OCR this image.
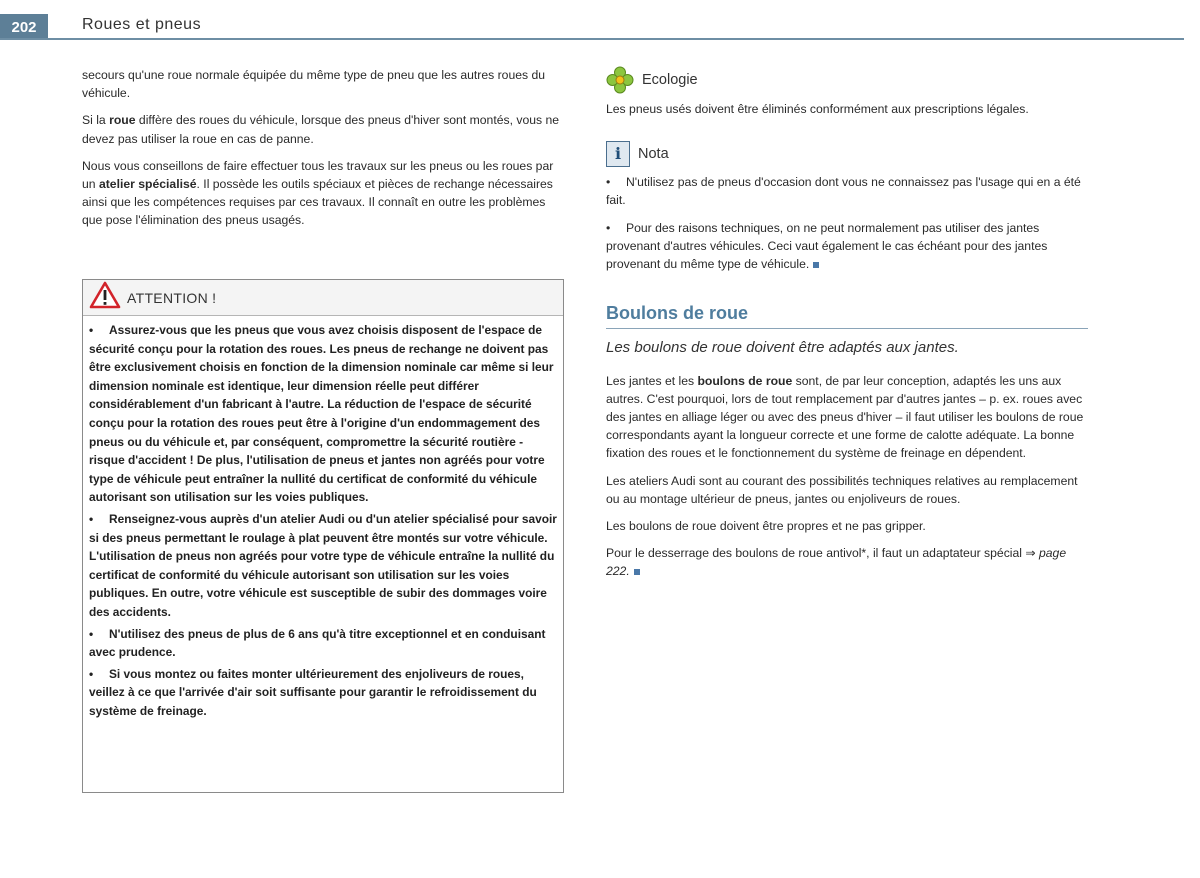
202	Roues et pneus

secours qu'une roue normale équipée du même type de pneu que les autres roues du véhicule.

Si la roue diffère des roues du véhicule, lorsque des pneus d'hiver sont montés, vous ne devez pas utiliser la roue en cas de panne.

Nous vous conseillons de faire effectuer tous les travaux sur les pneus ou les roues par un atelier spécialisé. Il possède les outils spéciaux et pièces de rechange nécessaires ainsi que les compétences requises par ces travaux. Il connaît en outre les problèmes que pose l'élimination des pneus usagés.

ATTENTION !

• Assurez-vous que les pneus que vous avez choisis disposent de l'espace de sécurité conçu pour la rotation des roues. Les pneus de rechange ne doivent pas être exclusivement choisis en fonction de la dimension nominale car même si leur dimension nominale est identique, leur dimension réelle peut différer considérablement d'un fabricant à l'autre. La réduction de l'espace de sécurité conçu pour la rotation des roues peut être à l'origine d'un endommagement des pneus ou du véhicule et, par conséquent, compromettre la sécurité routière - risque d'accident ! De plus, l'utilisation de pneus et jantes non agréés pour votre type de véhicule peut entraîner la nullité du certificat de conformité du véhicule autorisant son utilisation sur les voies publiques.

• Renseignez-vous auprès d'un atelier Audi ou d'un atelier spécialisé pour savoir si des pneus permettant le roulage à plat peuvent être montés sur votre véhicule. L'utilisation de pneus non agréés pour votre type de véhicule entraîne la nullité du certificat de conformité du véhicule autorisant son utilisation sur les voies publiques. En outre, votre véhicule est susceptible de subir des dommages voire des accidents.

• N'utilisez des pneus de plus de 6 ans qu'à titre exceptionnel et en conduisant avec prudence.

• Si vous montez ou faites monter ultérieurement des enjoliveurs de roues, veillez à ce que l'arrivée d'air soit suffisante pour garantir le refroidissement du système de freinage.

Ecologie

Les pneus usés doivent être éliminés conformément aux prescriptions légales.

i	Nota

• N'utilisez pas de pneus d'occasion dont vous ne connaissez pas l'usage qui en a été fait.

• Pour des raisons techniques, on ne peut normalement pas utiliser des jantes provenant d'autres véhicules. Ceci vaut également le cas échéant pour des jantes provenant du même type de véhicule.

Boulons de roue

Les boulons de roue doivent être adaptés aux jantes.

Les jantes et les boulons de roue sont, de par leur conception, adaptés les uns aux autres. C'est pourquoi, lors de tout remplacement par d'autres jantes – p. ex. roues avec des jantes en alliage léger ou avec des pneus d'hiver – il faut utiliser les boulons de roue correspondants ayant la longueur correcte et une forme de calotte adéquate. La bonne fixation des roues et le fonctionnement du système de freinage en dépendent.

Les ateliers Audi sont au courant des possibilités techniques relatives au remplacement ou au montage ultérieur de pneus, jantes ou enjoliveurs de roues.

Les boulons de roue doivent être propres et ne pas gripper.

Pour le desserrage des boulons de roue antivol*, il faut un adaptateur spécial ⇒ page 222.
